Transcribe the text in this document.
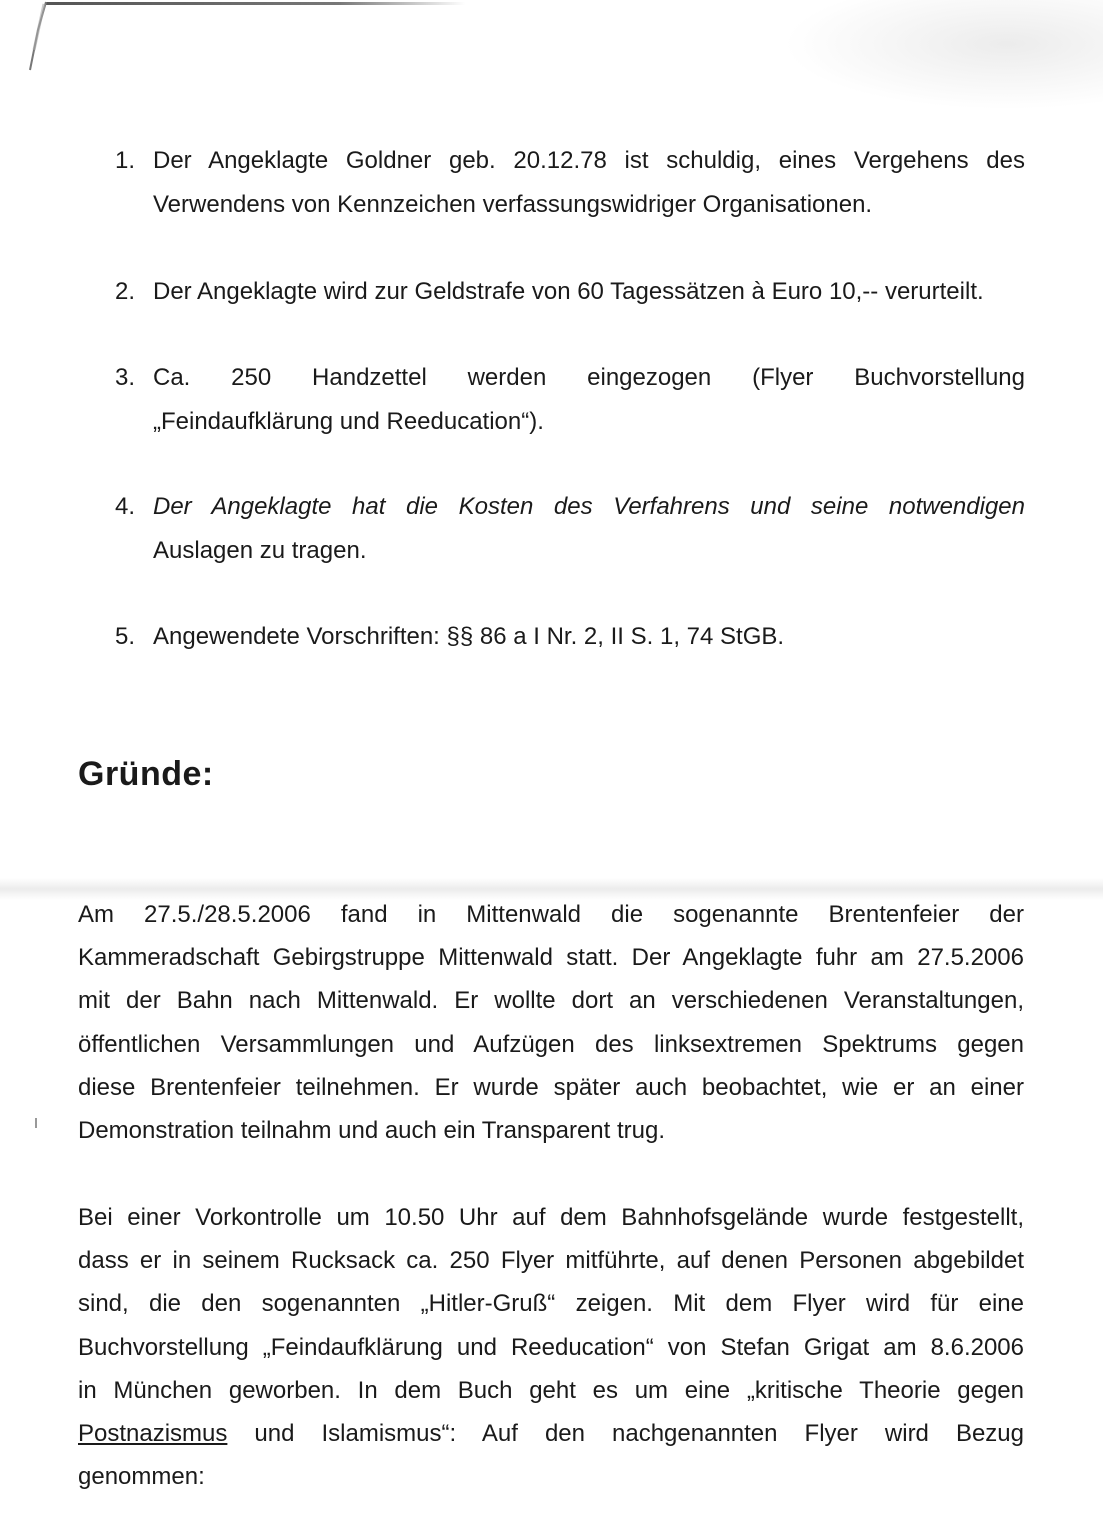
1. Der Angeklagte Goldner geb. 20.12.78 ist schuldig, eines Vergehens des
Verwendens von Kennzeichen verfassungswidriger Organisationen.
2. Der Angeklagte wird zur Geldstrafe von 60 Tagessätzen à Euro 10,-- verurteilt.
3. Ca. 250 Handzettel werden eingezogen (Flyer Buchvorstellung
„Feindaufklärung und Reeducation“).
4. Der Angeklagte hat die Kosten des Verfahrens und seine notwendigen
Auslagen zu tragen.
5. Angewendete Vorschriften: §§ 86 a I Nr. 2, II S. 1, 74 StGB.
Gründe:
Am 27.5./28.5.2006 fand in Mittenwald die sogenannte Brentenfeier der
Kammeradschaft Gebirgstruppe Mittenwald statt. Der Angeklagte fuhr am 27.5.2006
mit der Bahn nach Mittenwald. Er wollte dort an verschiedenen Veranstaltungen,
öffentlichen Versammlungen und Aufzügen des linksextremen Spektrums gegen
diese Brentenfeier teilnehmen. Er wurde später auch beobachtet, wie er an einer
Demonstration teilnahm und auch ein Transparent trug.
Bei einer Vorkontrolle um 10.50 Uhr auf dem Bahnhofsgelände wurde festgestellt,
dass er in seinem Rucksack ca. 250 Flyer mitführte, auf denen Personen abgebildet
sind, die den sogenannten „Hitler-Gruß“ zeigen. Mit dem Flyer wird für eine
Buchvorstellung „Feindaufklärung und Reeducation“ von Stefan Grigat am 8.6.2006
in München geworben. In dem Buch geht es um eine „kritische Theorie gegen
Postnazismus und Islamismus“: Auf den nachgenannten Flyer wird Bezug
genommen:
